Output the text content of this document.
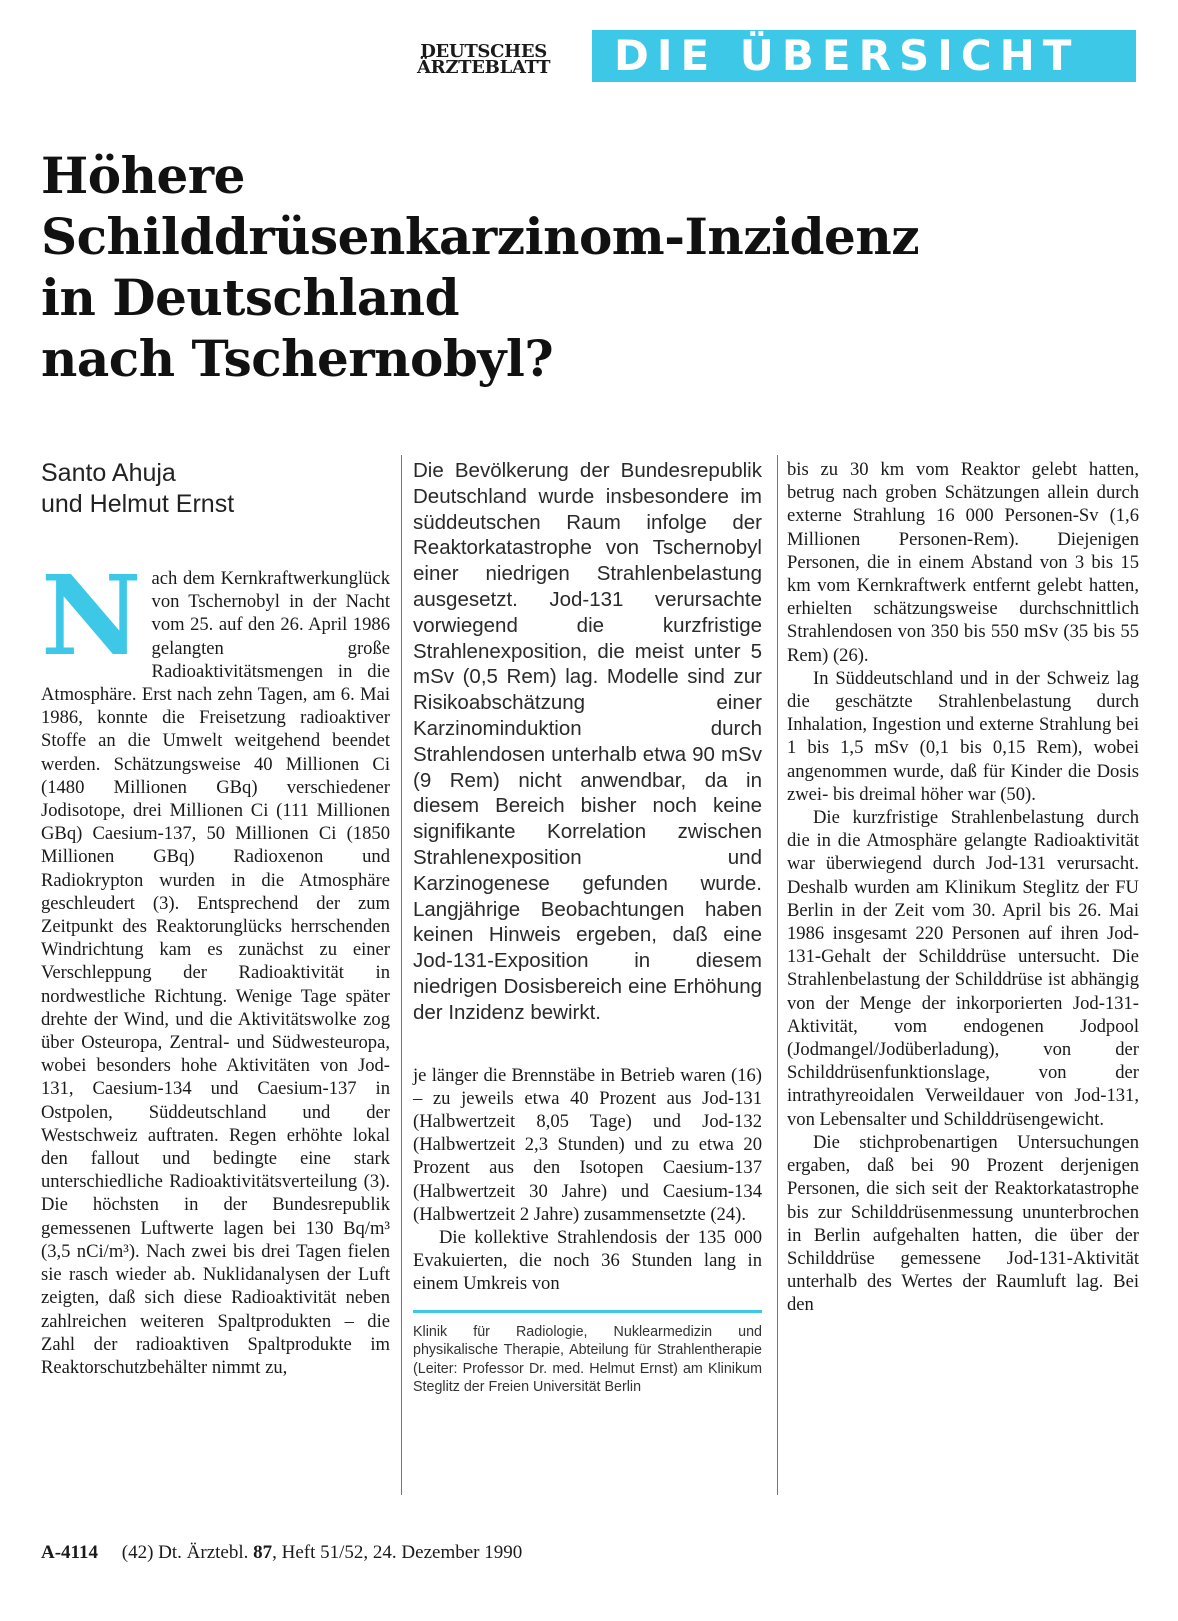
DEUTSCHES
ÄRZTEBLATT DIE ÜBERSICHT
Höhere
Schilddrüsenkarzinom-Inzidenz
in Deutschland
nach Tschernobyl?
Santo Ahuja
und Helmut Ernst
Nach dem Kernkraftwerkunglück von Tschernobyl in der Nacht vom 25. auf den 26. April 1986 gelangten große Radioaktivitätsmengen in die Atmosphäre. Erst nach zehn Tagen, am 6. Mai 1986, konnte die Freisetzung radioaktiver Stoffe an die Umwelt weitgehend beendet werden. Schätzungsweise 40 Millionen Ci (1480 Millionen GBq) verschiedener Jodisotope, drei Millionen Ci (111 Millionen GBq) Caesium-137, 50 Millionen Ci (1850 Millionen GBq) Radioxenon und Radiokrypton wurden in die Atmosphäre geschleudert (3). Entsprechend der zum Zeitpunkt des Reaktorunglücks herrschenden Windrichtung kam es zunächst zu einer Verschleppung der Radioaktivität in nordwestliche Richtung. Wenige Tage später drehte der Wind, und die Aktivitätswolke zog über Osteuropa, Zentral- und Südwesteuropa, wobei besonders hohe Aktivitäten von Jod-131, Caesium-134 und Caesium-137 in Ostpolen, Süddeutschland und der Westschweiz auftraten. Regen erhöhte lokal den fallout und bedingte eine stark unterschiedliche Radioaktivitätsverteilung (3). Die höchsten in der Bundesrepublik gemessenen Luftwerte lagen bei 130 Bq/m³ (3,5 nCi/m³). Nach zwei bis drei Tagen fielen sie rasch wieder ab. Nuklidanalysen der Luft zeigten, daß sich diese Radioaktivität neben zahlreichen weiteren Spaltprodukten – die Zahl der radioaktiven Spaltprodukte im Reaktorschutzbehälter nimmt zu,

Die Bevölkerung der Bundesrepublik Deutschland wurde insbesondere im süddeutschen Raum infolge der Reaktorkatastrophe von Tschernobyl einer niedrigen Strahlenbelastung ausgesetzt. Jod-131 verursachte vorwiegend die kurzfristige Strahlenexposition, die meist unter 5 mSv (0,5 Rem) lag. Modelle sind zur Risikoabschätzung einer Karzinominduktion durch Strahlendosen unterhalb etwa 90 mSv (9 Rem) nicht anwendbar, da in diesem Bereich bisher noch keine signifikante Korrelation zwischen Strahlenexposition und Karzinogenese gefunden wurde. Langjährige Beobachtungen haben keinen Hinweis ergeben, daß eine Jod-131-Exposition in diesem niedrigen Dosisbereich eine Erhöhung der Inzidenz bewirkt.

je länger die Brennstäbe in Betrieb waren (16) – zu jeweils etwa 40 Prozent aus Jod-131 (Halbwertzeit 8,05 Tage) und Jod-132 (Halbwertzeit 2,3 Stunden) und zu etwa 20 Prozent aus den Isotopen Caesium-137 (Halbwertzeit 30 Jahre) und Caesium-134 (Halbwertzeit 2 Jahre) zusammensetzte (24).

Die kollektive Strahlendosis der 135 000 Evakuierten, die noch 36 Stunden lang in einem Umkreis von

Klinik für Radiologie, Nuklearmedizin und physikalische Therapie, Abteilung für Strahlentherapie (Leiter: Professor Dr. med. Helmut Ernst) am Klinikum Steglitz der Freien Universität Berlin

bis zu 30 km vom Reaktor gelebt hatten, betrug nach groben Schätzungen allein durch externe Strahlung 16 000 Personen-Sv (1,6 Millionen Personen-Rem). Diejenigen Personen, die in einem Abstand von 3 bis 15 km vom Kernkraftwerk entfernt gelebt hatten, erhielten schätzungsweise durchschnittlich Strahlendosen von 350 bis 550 mSv (35 bis 55 Rem) (26).

In Süddeutschland und in der Schweiz lag die geschätzte Strahlenbelastung durch Inhalation, Ingestion und externe Strahlung bei 1 bis 1,5 mSv (0,1 bis 0,15 Rem), wobei angenommen wurde, daß für Kinder die Dosis zwei- bis dreimal höher war (50).

Die kurzfristige Strahlenbelastung durch die in die Atmosphäre gelangte Radioaktivität war überwiegend durch Jod-131 verursacht. Deshalb wurden am Klinikum Steglitz der FU Berlin in der Zeit vom 30. April bis 26. Mai 1986 insgesamt 220 Personen auf ihren Jod-131-Gehalt der Schilddrüse untersucht. Die Strahlenbelastung der Schilddrüse ist abhängig von der Menge der inkorporierten Jod-131-Aktivität, vom endogenen Jodpool (Jodmangel/Jodüberladung), von der Schilddrüsenfunktionslage, von der intrathyreoidalen Verweildauer von Jod-131, von Lebensalter und Schilddrüsengewicht.

Die stichprobenartigen Untersuchungen ergaben, daß bei 90 Prozent derjenigen Personen, die sich seit der Reaktorkatastrophe bis zur Schilddrüsenmessung ununterbrochen in Berlin aufgehalten hatten, die über der Schilddrüse gemessene Jod-131-Aktivität unterhalb des Wertes der Raumluft lag. Bei den

A-4114 (42) Dt. Ärztebl. 87, Heft 51/52, 24. Dezember 1990
